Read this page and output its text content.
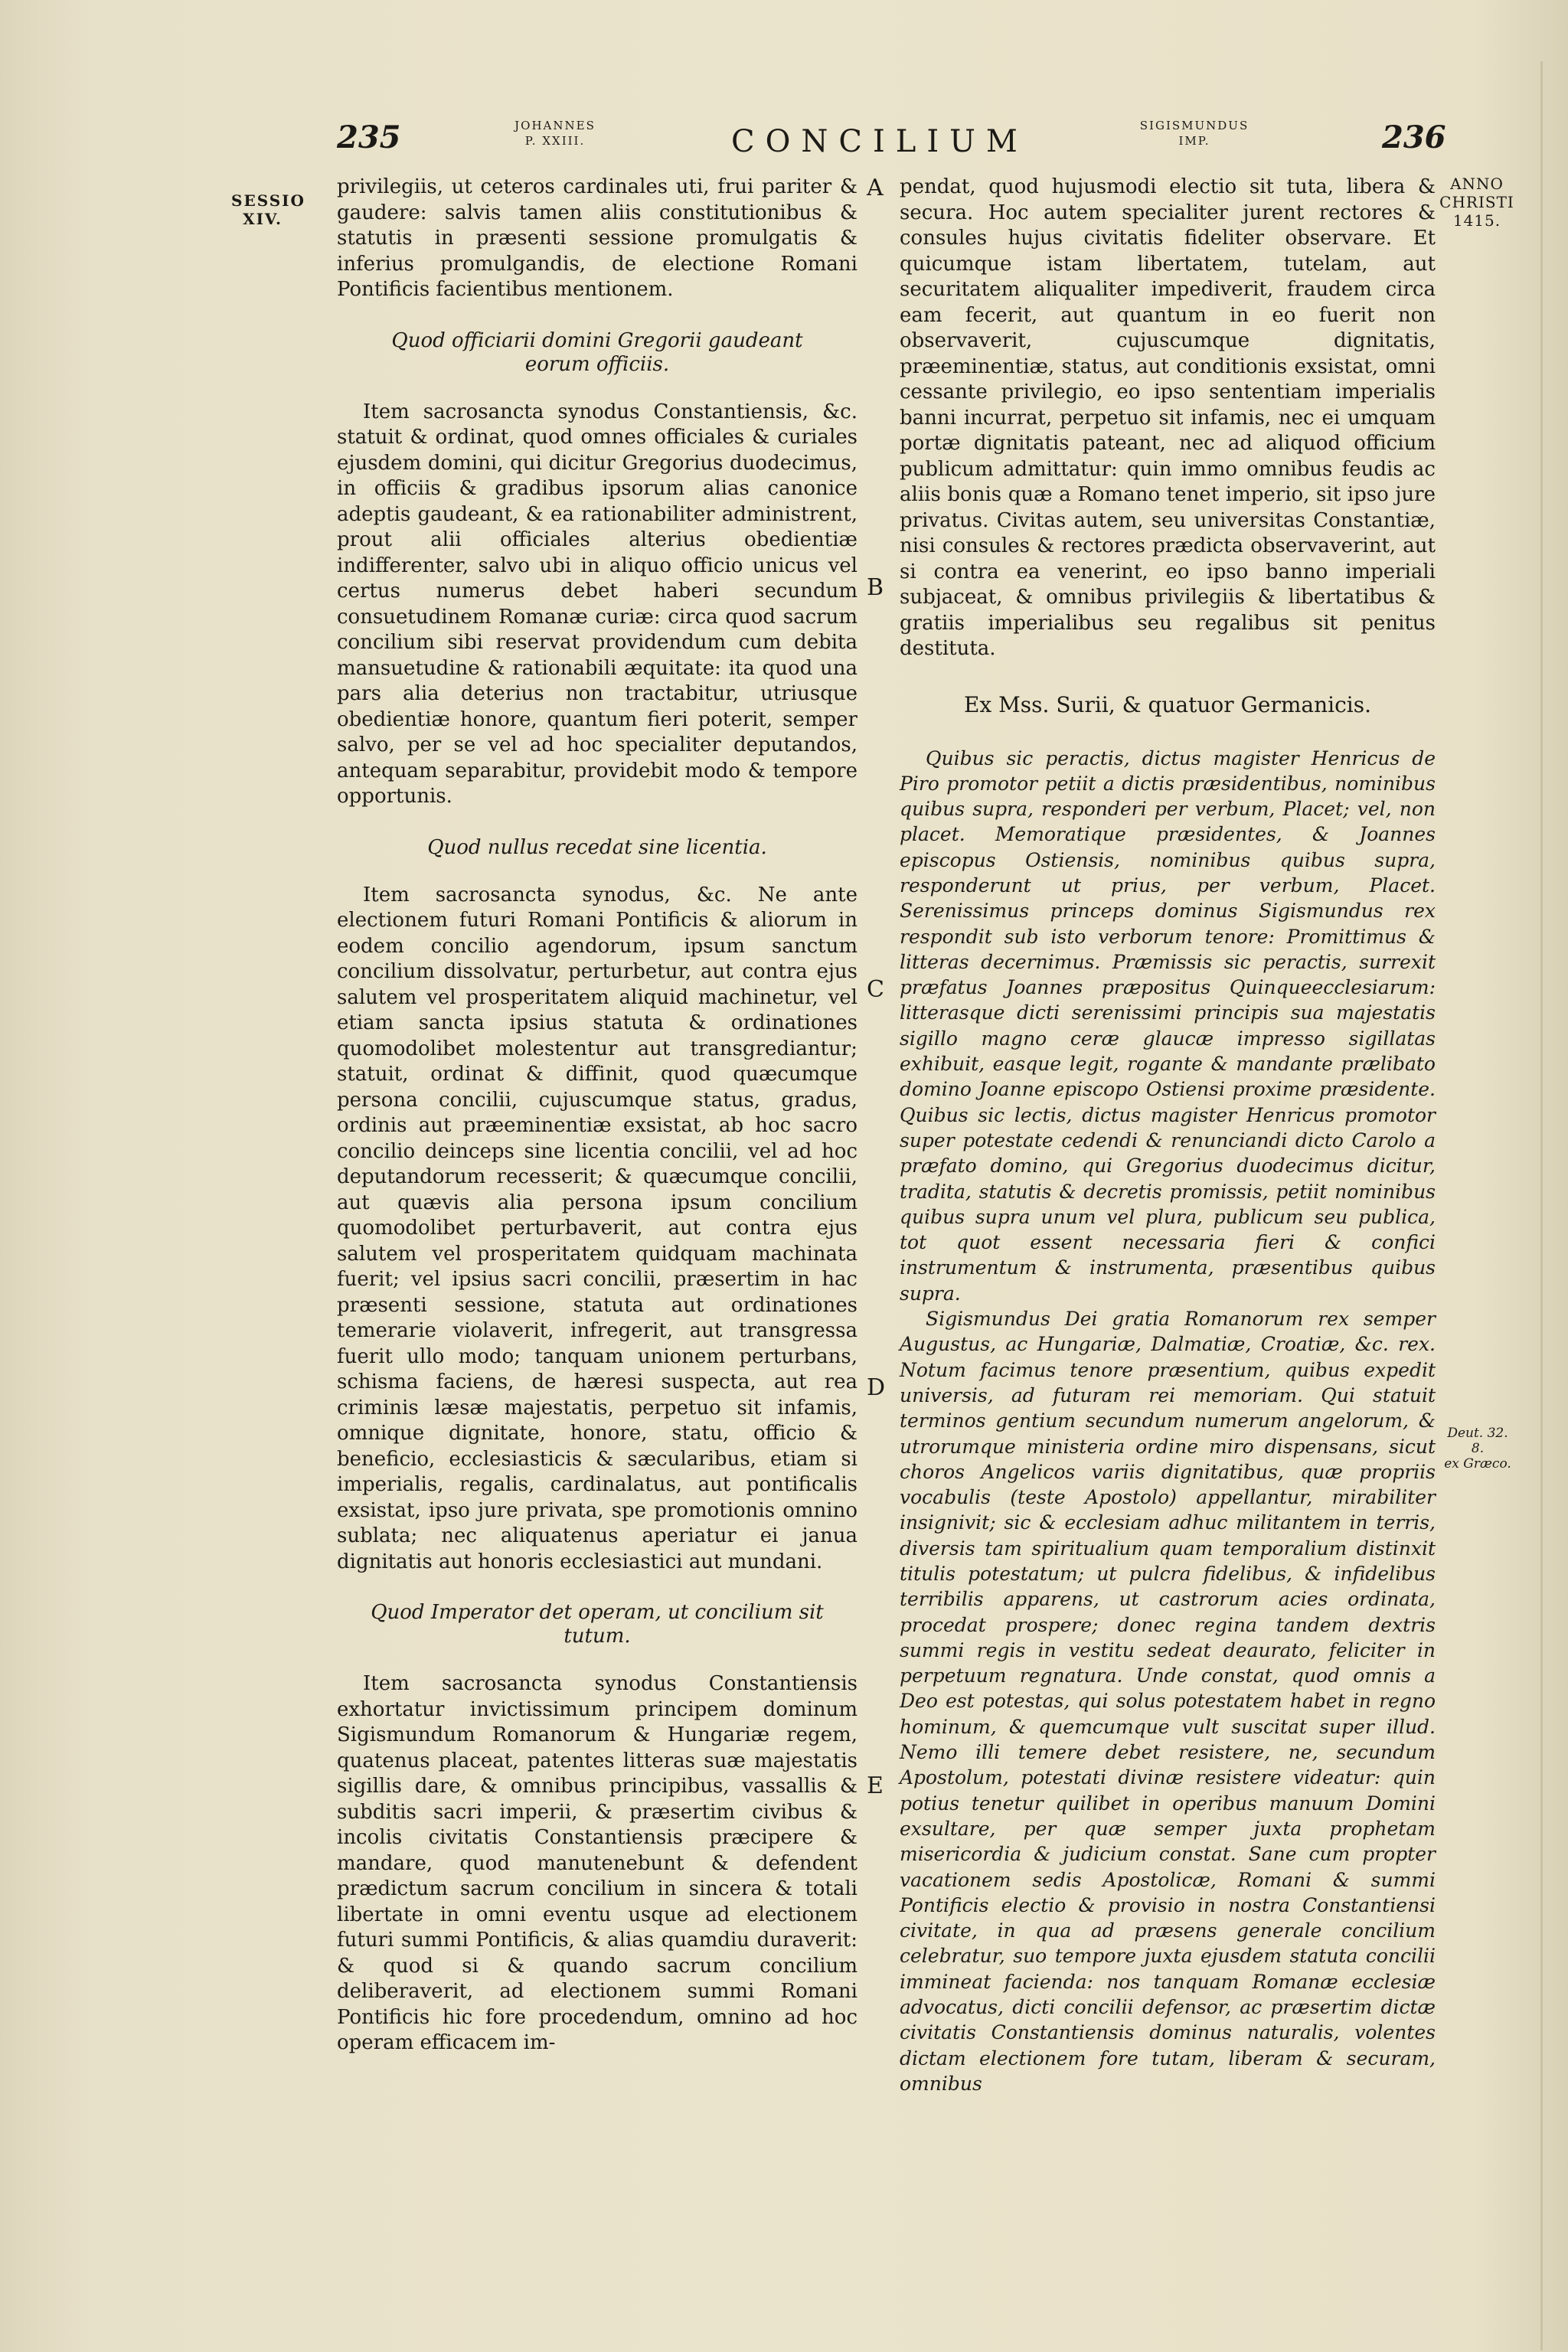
235	JOHANNES
P. XXIII.	CONCILIUM	SIGISMUNDUS
IMP.	236
SESSIO
XIV.
ANNO
CHRISTI
1415.
Deut. 32. 8.
ex Græco.
A
B
C
D
E

privilegiis, ut ceteros cardinales uti, frui pariter & gaudere: salvis tamen aliis constitutionibus & statutis in præsenti sessione promulgatis & inferius promulgandis, de electione Romani Pontificis facientibus mentionem.

Quod officiarii domini Gregorii gaudeant eorum officiis.

Item sacrosancta synodus Constantiensis, &c. statuit & ordinat, quod omnes officiales & curiales ejusdem domini, qui dicitur Gregorius duodecimus, in officiis & gradibus ipsorum alias canonice adeptis gaudeant, & ea rationabiliter administrent, prout alii officiales alterius obedientiæ indifferenter, salvo ubi in aliquo officio unicus vel certus numerus debet haberi secundum consuetudinem Romanæ curiæ: circa quod sacrum concilium sibi reservat providendum cum debita mansuetudine & rationabili æquitate: ita quod una pars alia deterius non tractabitur, utriusque obedientiæ honore, quantum fieri poterit, semper salvo, per se vel ad hoc specialiter deputandos, antequam separabitur, providebit modo & tempore opportunis.

Quod nullus recedat sine licentia.

Item sacrosancta synodus, &c. Ne ante electionem futuri Romani Pontificis & aliorum in eodem concilio agendorum, ipsum sanctum concilium dissolvatur, perturbetur, aut contra ejus salutem vel prosperitatem aliquid machinetur, vel etiam sancta ipsius statuta & ordinationes quomodolibet molestentur aut transgrediantur; statuit, ordinat & diffinit, quod quæcumque persona concilii, cujuscumque status, gradus, ordinis aut præeminentiæ exsistat, ab hoc sacro concilio deinceps sine licentia concilii, vel ad hoc deputandorum recesserit; & quæcumque concilii, aut quævis alia persona ipsum concilium quomodolibet perturbaverit, aut contra ejus salutem vel prosperitatem quidquam machinata fuerit; vel ipsius sacri concilii, præsertim in hac præsenti sessione, statuta aut ordinationes temerarie violaverit, infregerit, aut transgressa fuerit ullo modo; tanquam unionem perturbans, schisma faciens, de hæresi suspecta, aut rea criminis læsæ majestatis, perpetuo sit infamis, omnique dignitate, honore, statu, officio & beneficio, ecclesiasticis & sæcularibus, etiam si imperialis, regalis, cardinalatus, aut pontificalis exsistat, ipso jure privata, spe promotionis omnino sublata; nec aliquatenus aperiatur ei janua dignitatis aut honoris ecclesiastici aut mundani.

Quod Imperator det operam, ut concilium sit tutum.

Item sacrosancta synodus Constantiensis exhortatur invictissimum principem dominum Sigismundum Romanorum & Hungariæ regem, quatenus placeat, patentes litteras suæ majestatis sigillis dare, & omnibus principibus, vassallis & subditis sacri imperii, & præsertim civibus & incolis civitatis Constantiensis præcipere & mandare, quod manutenebunt & defendent prædictum sacrum concilium in sincera & totali libertate in omni eventu usque ad electionem futuri summi Pontificis, & alias quamdiu duraverit: & quod si & quando sacrum concilium deliberaverit, ad electionem summi Romani Pontificis hic fore procedendum, omnino ad hoc operam efficacem im-

pendat, quod hujusmodi electio sit tuta, libera & secura. Hoc autem specialiter jurent rectores & consules hujus civitatis fideliter observare. Et quicumque istam libertatem, tutelam, aut securitatem aliqualiter impediverit, fraudem circa eam fecerit, aut quantum in eo fuerit non observaverit, cujuscumque dignitatis, præeminentiæ, status, aut conditionis exsistat, omni cessante privilegio, eo ipso sententiam imperialis banni incurrat, perpetuo sit infamis, nec ei umquam portæ dignitatis pateant, nec ad aliquod officium publicum admittatur: quin immo omnibus feudis ac aliis bonis quæ a Romano tenet imperio, sit ipso jure privatus. Civitas autem, seu universitas Constantiæ, nisi consules & rectores prædicta observaverint, aut si contra ea venerint, eo ipso banno imperiali subjaceat, & omnibus privilegiis & libertatibus & gratiis imperialibus seu regalibus sit penitus destituta.

Ex Mss. Surii, & quatuor Germanicis.

Quibus sic peractis, dictus magister Henricus de Piro promotor petiit a dictis præsidentibus, nominibus quibus supra, responderi per verbum, Placet; vel, non placet. Memoratique præsidentes, & Joannes episcopus Ostiensis, nominibus quibus supra, responderunt ut prius, per verbum, Placet. Serenissimus princeps dominus Sigismundus rex respondit sub isto verborum tenore: Promittimus & litteras decernimus. Præmissis sic peractis, surrexit præfatus Joannes præpositus Quinqueecclesiarum: litterasque dicti serenissimi principis sua majestatis sigillo magno ceræ glaucæ impresso sigillatas exhibuit, easque legit, rogante & mandante prælibato domino Joanne episcopo Ostiensi proxime præsidente. Quibus sic lectis, dictus magister Henricus promotor super potestate cedendi & renunciandi dicto Carolo a præfato domino, qui Gregorius duodecimus dicitur, tradita, statutis & decretis promissis, petiit nominibus quibus supra unum vel plura, publicum seu publica, tot quot essent necessaria fieri & confici instrumentum & instrumenta, præsentibus quibus supra.

Sigismundus Dei gratia Romanorum rex semper Augustus, ac Hungariæ, Dalmatiæ, Croatiæ, &c. rex. Notum facimus tenore præsentium, quibus expedit universis, ad futuram rei memoriam. Qui statuit terminos gentium secundum numerum angelorum, & utrorumque ministeria ordine miro dispensans, sicut choros Angelicos variis dignitatibus, quæ propriis vocabulis (teste Apostolo) appellantur, mirabiliter insignivit; sic & ecclesiam adhuc militantem in terris, diversis tam spiritualium quam temporalium distinxit titulis potestatum; ut pulcra fidelibus, & infidelibus terribilis apparens, ut castrorum acies ordinata, procedat prospere; donec regina tandem dextris summi regis in vestitu sedeat deaurato, feliciter in perpetuum regnatura. Unde constat, quod omnis a Deo est potestas, qui solus potestatem habet in regno hominum, & quemcumque vult suscitat super illud. Nemo illi temere debet resistere, ne, secundum Apostolum, potestati divinæ resistere videatur: quin potius tenetur quilibet in operibus manuum Domini exsultare, per quæ semper juxta prophetam misericordia & judicium constat. Sane cum propter vacationem sedis Apostolicæ, Romani & summi Pontificis electio & provisio in nostra Constantiensi civitate, in qua ad præsens generale concilium celebratur, suo tempore juxta ejusdem statuta concilii immineat facienda: nos tanquam Romanæ ecclesiæ advocatus, dicti concilii defensor, ac præsertim dictæ civitatis Constantiensis dominus naturalis, volentes dictam electionem fore tutam, liberam & securam, omnibus
